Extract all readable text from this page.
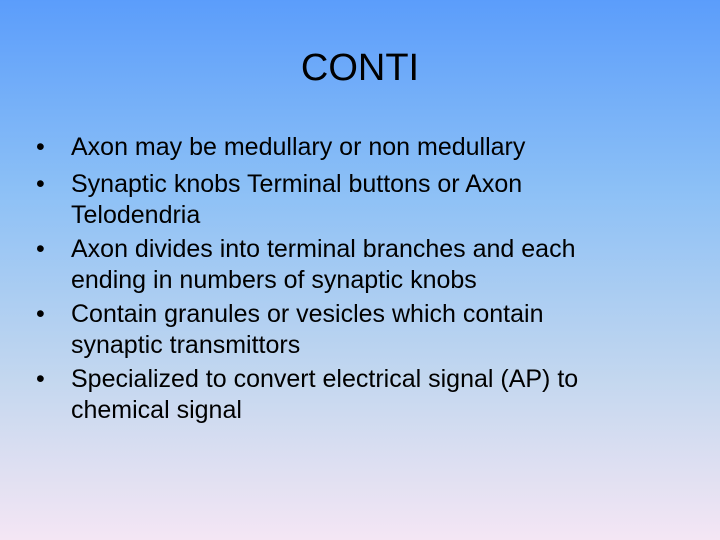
CONTI
•	Axon may be medullary or non medullary
•	Synaptic knobs Terminal buttons or Axon
Telodendria
•	Axon divides into terminal branches and each
ending in numbers of synaptic knobs
•	Contain granules or vesicles which contain
synaptic transmittors
•	Specialized to convert electrical signal (AP) to
chemical signal
